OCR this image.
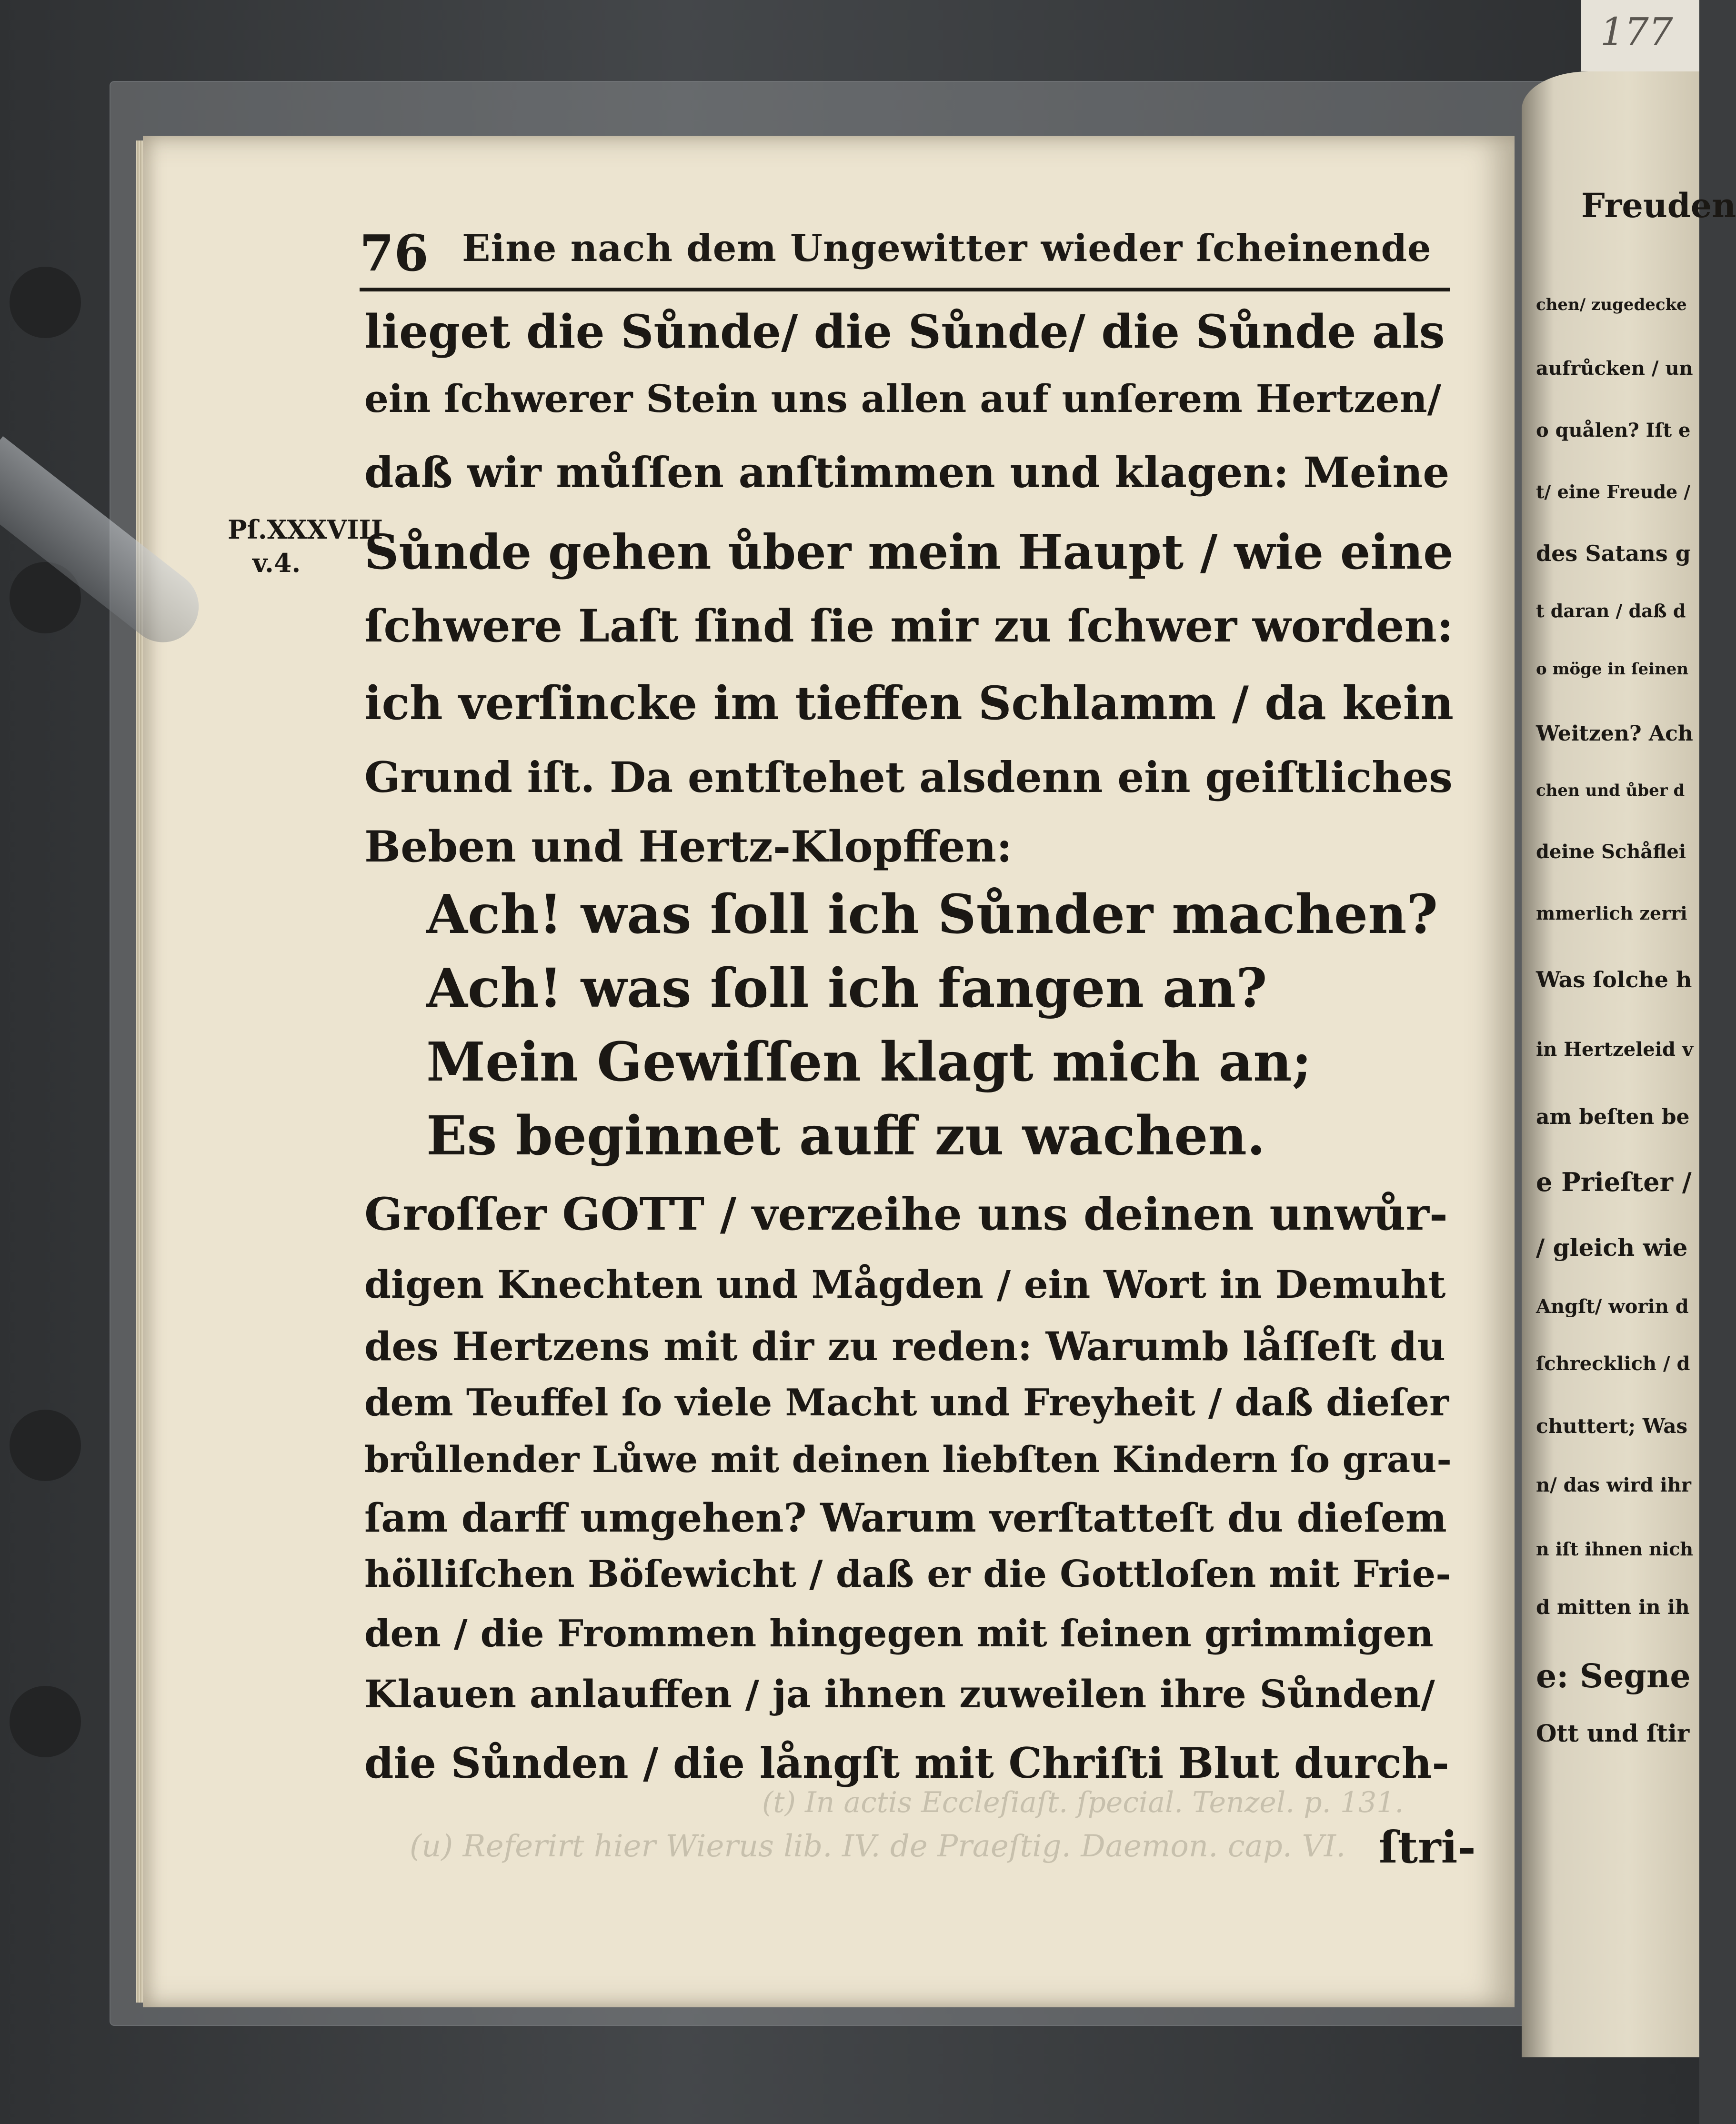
177
Freuden
chen/ zugedecke
aufrůcken / un
o quålen? Iſt e
t/ eine Freude /
des Satans g
t daran / daß d
o möge in ſeinen
Weitzen? Ach
chen und ůber d
deine Schåflei
mmerlich zerri
Was ſolche h
in Hertzeleid v
am beſten be
e Prieſter /
/ gleich wie
Angſt/ worin d
ſchrecklich / d
chuttert; Was
n/ das wird ihr
n iſt ihnen nich
d mitten in ih
e: Segne
Ott und ſtir
(t) In actis Eccleſiaſt. ſpecial. Tenzel. p. 131.
(u) Referirt hier Wierus lib. IV. de Praeſtig. Daemon. cap. VI.
76 Eine nach dem Ungewitter wieder ſcheinende
Pſ.XXXVIII
v.4.
lieget die Sůnde/ die Sůnde/ die Sůnde als
ein ſchwerer Stein uns allen auf unſerem Hertzen/
daß wir můſſen anſtimmen und klagen: Meine
Sůnde gehen ůber mein Haupt / wie eine
ſchwere Laſt ſind ſie mir zu ſchwer worden:
ich verſincke im tieffen Schlamm / da kein
Grund iſt. Da entſtehet alsdenn ein geiſtliches
Beben und Hertz-Klopffen:
Ach! was ſoll ich Sůnder machen?
Ach! was ſoll ich fangen an?
Mein Gewiſſen klagt mich an;
Es beginnet auff zu wachen.
Groſſer GOTT / verzeihe uns deinen unwůr-
digen Knechten und Mågden / ein Wort in Demuht
des Hertzens mit dir zu reden: Warumb låſſeſt du
dem Teuffel ſo viele Macht und Freyheit / daß dieſer
brůllender Lůwe mit deinen liebſten Kindern ſo grau-
ſam darff umgehen? Warum verſtatteſt du dieſem
hölliſchen Böſewicht / daß er die Gottloſen mit Frie-
den / die Frommen hingegen mit ſeinen grimmigen
Klauen anlauffen / ja ihnen zuweilen ihre Sůnden/
die Sůnden / die långſt mit Chriſti Blut durch-
ſtri-
